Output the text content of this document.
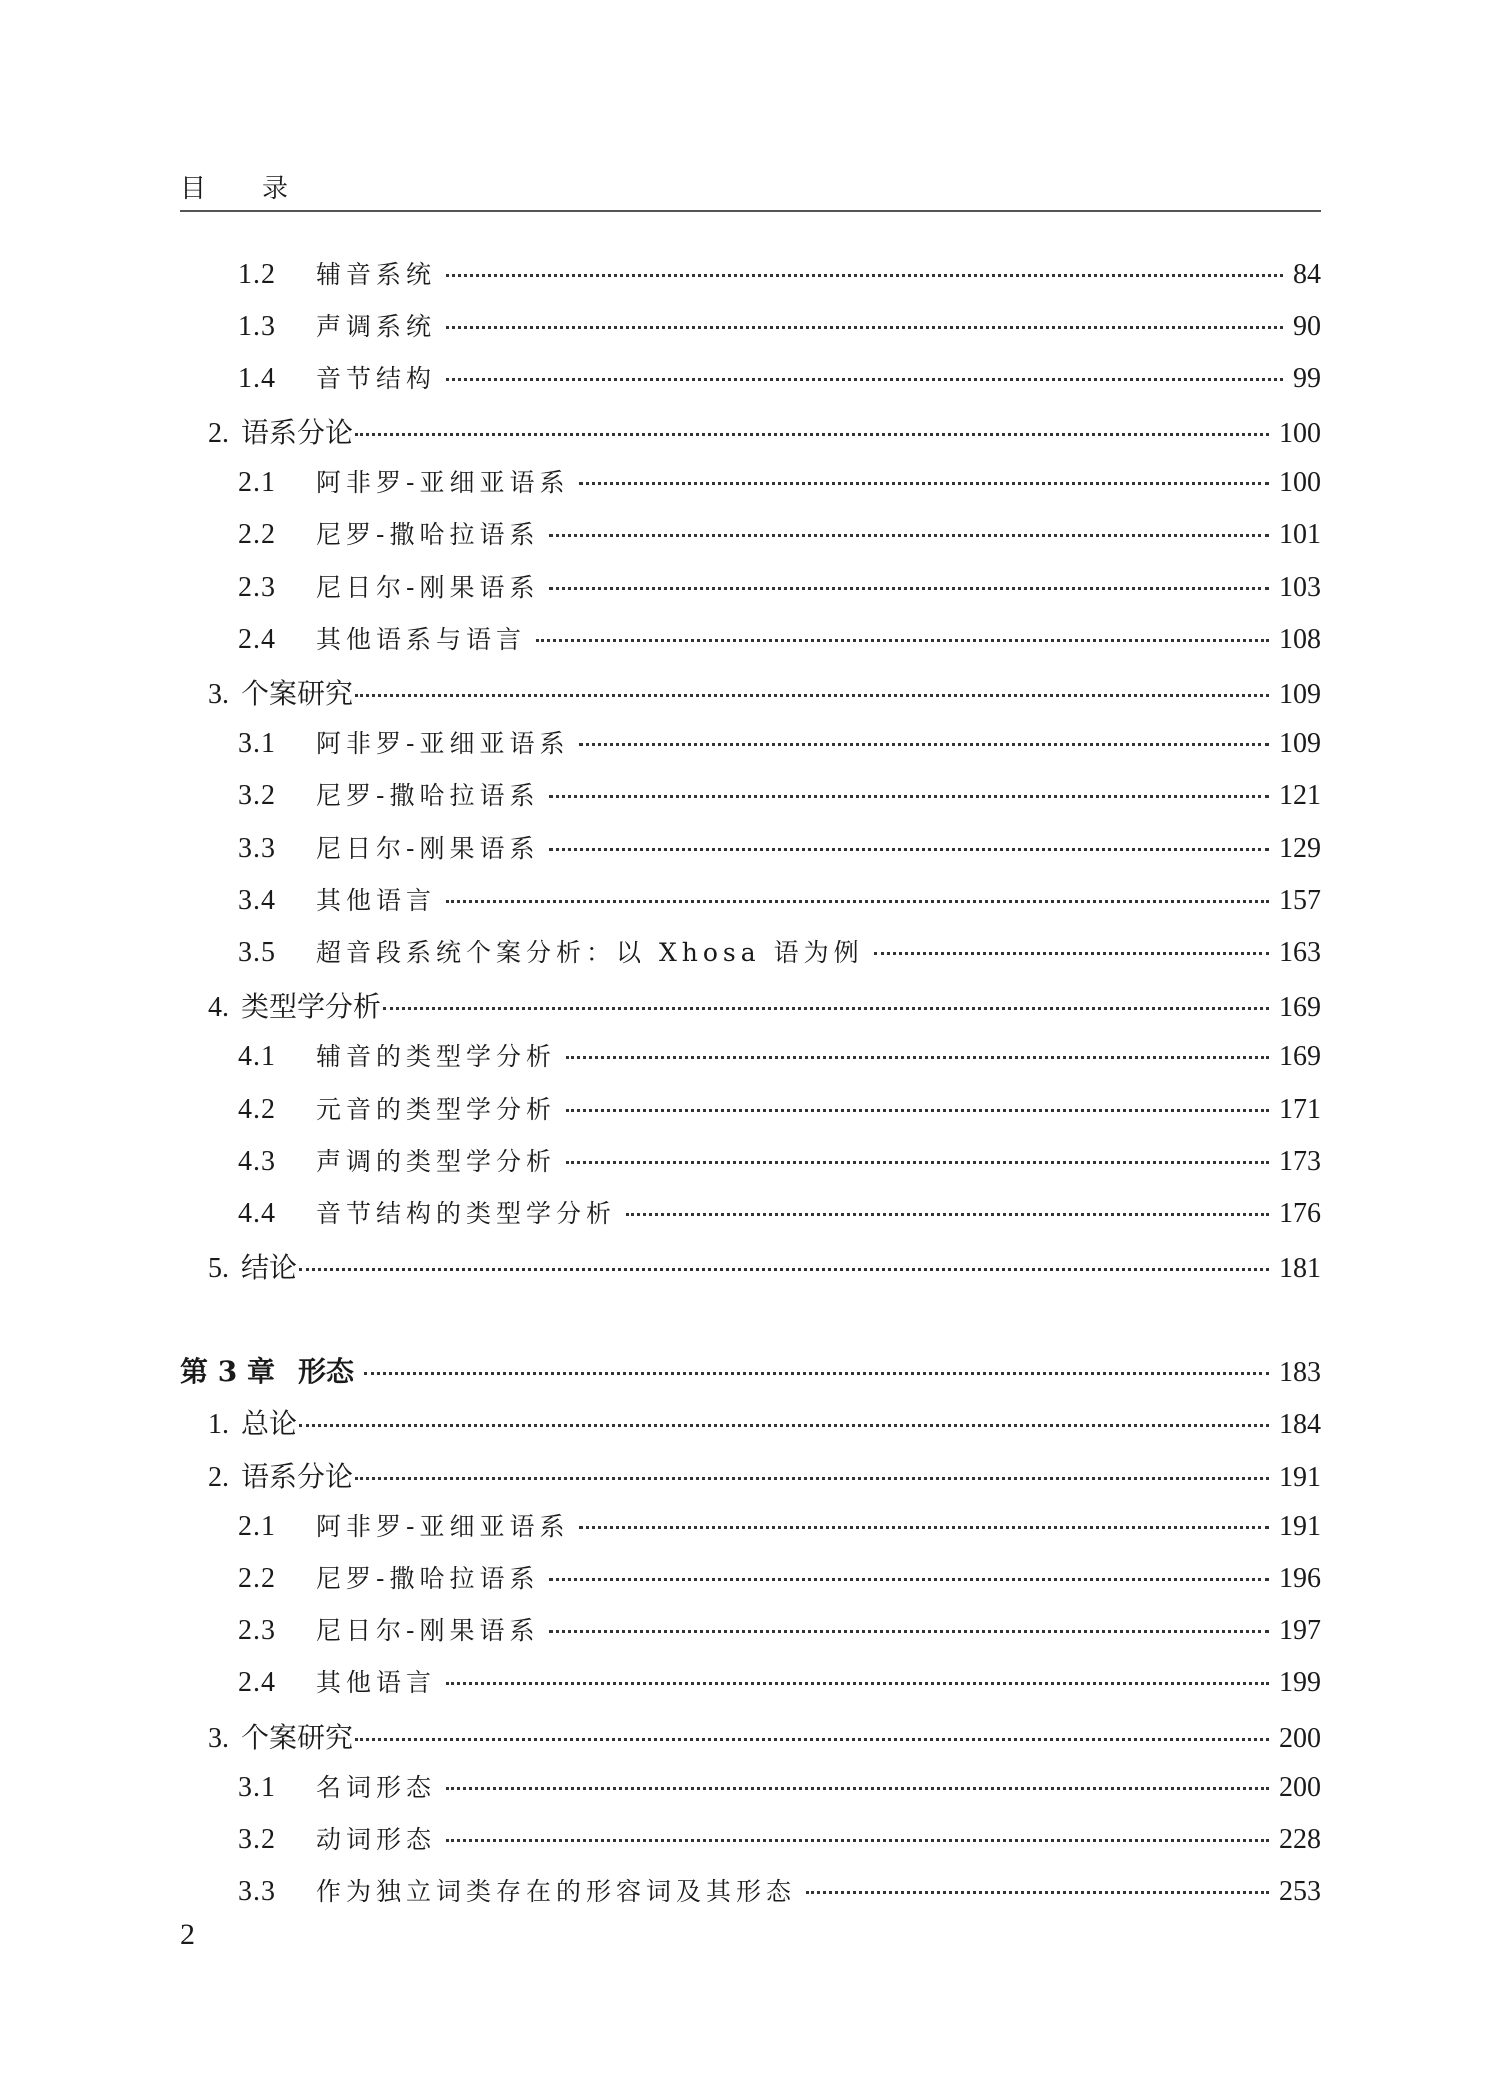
目 录
1.2	辅音系统	84
1.3	声调系统	90
1.4	音节结构	99
2. 语系分论	100
2.1	阿非罗-亚细亚语系	100
2.2	尼罗-撒哈拉语系	101
2.3	尼日尔-刚果语系	103
2.4	其他语系与语言	108
3. 个案研究	109
3.1	阿非罗-亚细亚语系	109
3.2	尼罗-撒哈拉语系	121
3.3	尼日尔-刚果语系	129
3.4	其他语言	157
3.5	超音段系统个案分析：以 Xhosa 语为例	163
4. 类型学分析	169
4.1	辅音的类型学分析	169
4.2	元音的类型学分析	171
4.3	声调的类型学分析	173
4.4	音节结构的类型学分析	176
5. 结论	181
第 3 章 形态	183
1. 总论	184
2. 语系分论	191
2.1	阿非罗-亚细亚语系	191
2.2	尼罗-撒哈拉语系	196
2.3	尼日尔-刚果语系	197
2.4	其他语言	199
3. 个案研究	200
3.1	名词形态	200
3.2	动词形态	228
3.3	作为独立词类存在的形容词及其形态	253
2
